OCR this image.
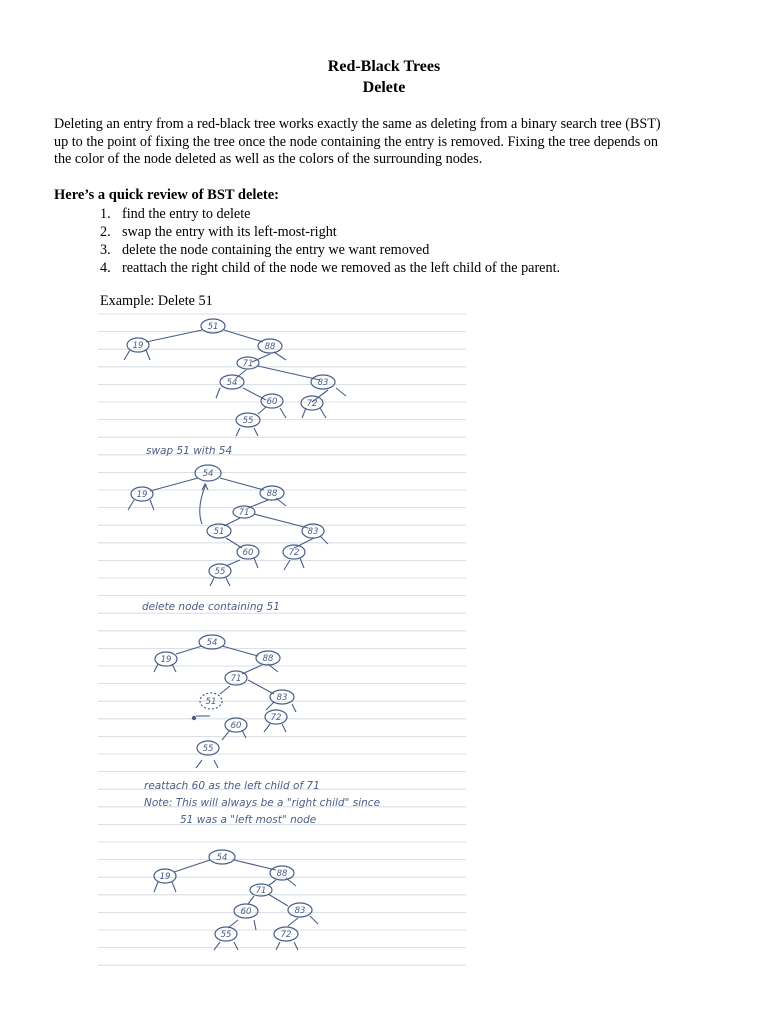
Red-Black Trees
Delete

Deleting an entry from a red-black tree works exactly the same as deleting from a binary search tree (BST)

up to the point of fixing the tree once the node containing the entry is removed. Fixing the tree depends on

the color of the node deleted as well as the colors of the surrounding nodes.

Here’s a quick review of BST delete:

1. find the entry to delete
2. swap the entry with its left-most-right
3. delete the node containing the entry we want removed
4. reattach the right child of the node we removed as the left child of the parent.

Example: Delete 51

51
19	88
71
83
54
60	72
55
swap 51 with 54
54
19	88
71
83
51
60	72
55
delete node containing 51
54
19	88
71
83
51
60
72
55
reattach 60 as the left child of 71
Note: This will always be a "right child" since
51 was a "left most" node
54
19	88
71
60	83
55	72
